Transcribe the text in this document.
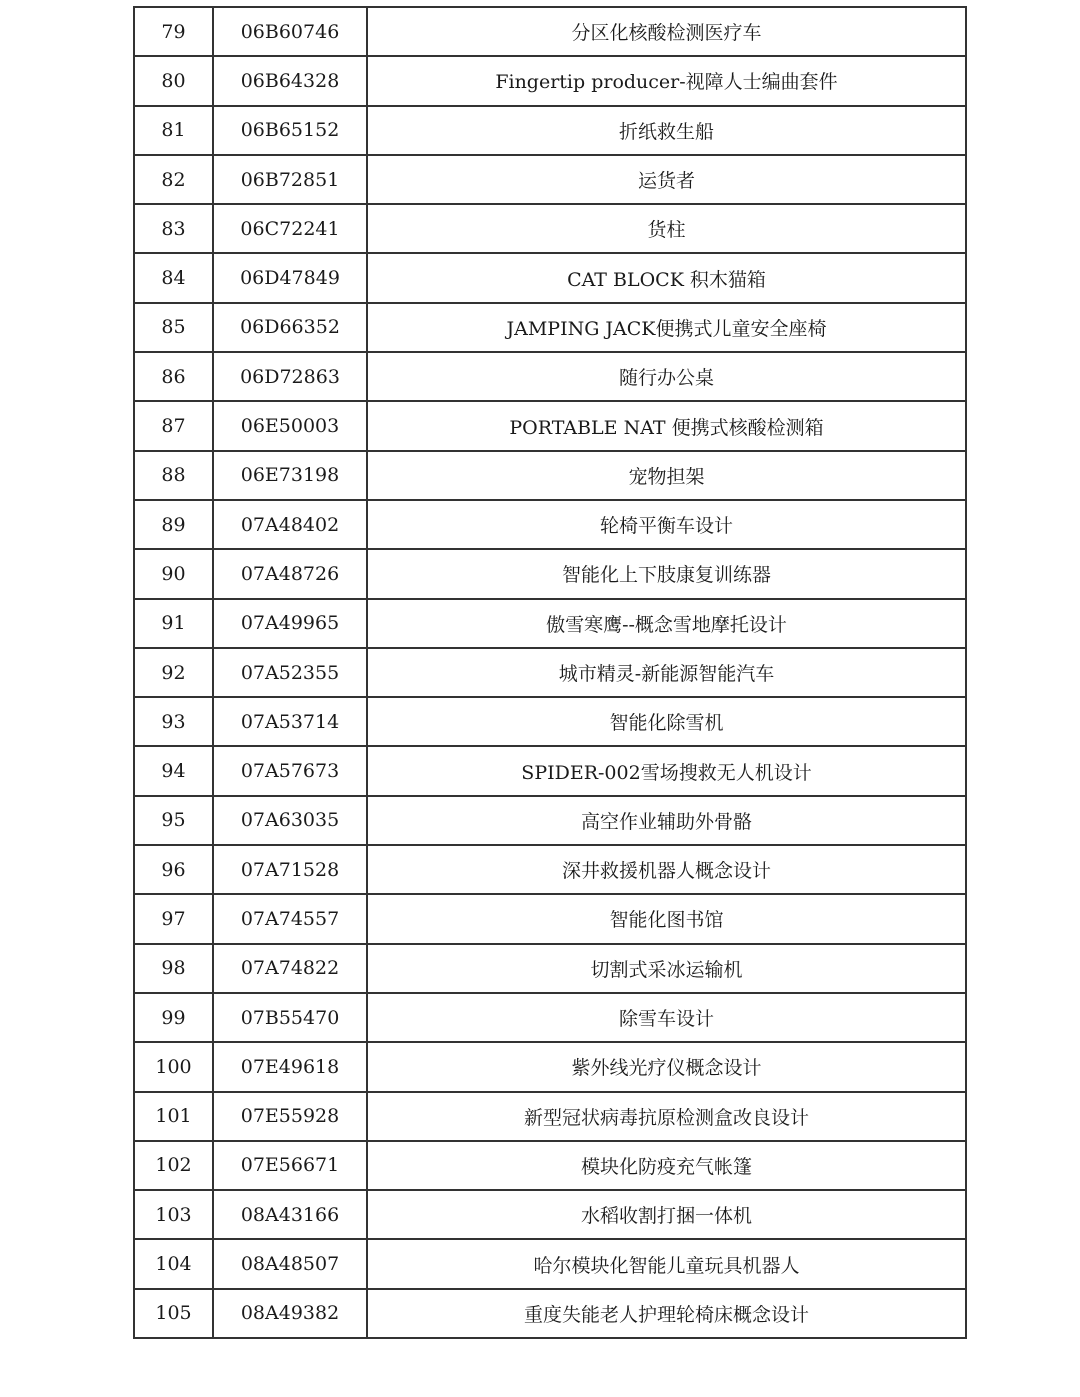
79	06B60746	分区化核酸检测医疗车
80	06B64328	Fingertip producer-视障人士编曲套件
81	06B65152	折纸救生船
82	06B72851	运货者
83	06C72241	货柱
84	06D47849	CAT BLOCK 积木猫箱
85	06D66352	JAMPING JACK便携式儿童安全座椅
86	06D72863	随行办公桌
87	06E50003	PORTABLE NAT 便携式核酸检测箱
88	06E73198	宠物担架
89	07A48402	轮椅平衡车设计
90	07A48726	智能化上下肢康复训练器
91	07A49965	傲雪寒鹰--概念雪地摩托设计
92	07A52355	城市精灵-新能源智能汽车
93	07A53714	智能化除雪机
94	07A57673	SPIDER-002雪场搜救无人机设计
95	07A63035	高空作业辅助外骨骼
96	07A71528	深井救援机器人概念设计
97	07A74557	智能化图书馆
98	07A74822	切割式采冰运输机
99	07B55470	除雪车设计
100	07E49618	紫外线光疗仪概念设计
101	07E55928	新型冠状病毒抗原检测盒改良设计
102	07E56671	模块化防疫充气帐篷
103	08A43166	水稻收割打捆一体机
104	08A48507	哈尔模块化智能儿童玩具机器人
105	08A49382	重度失能老人护理轮椅床概念设计
